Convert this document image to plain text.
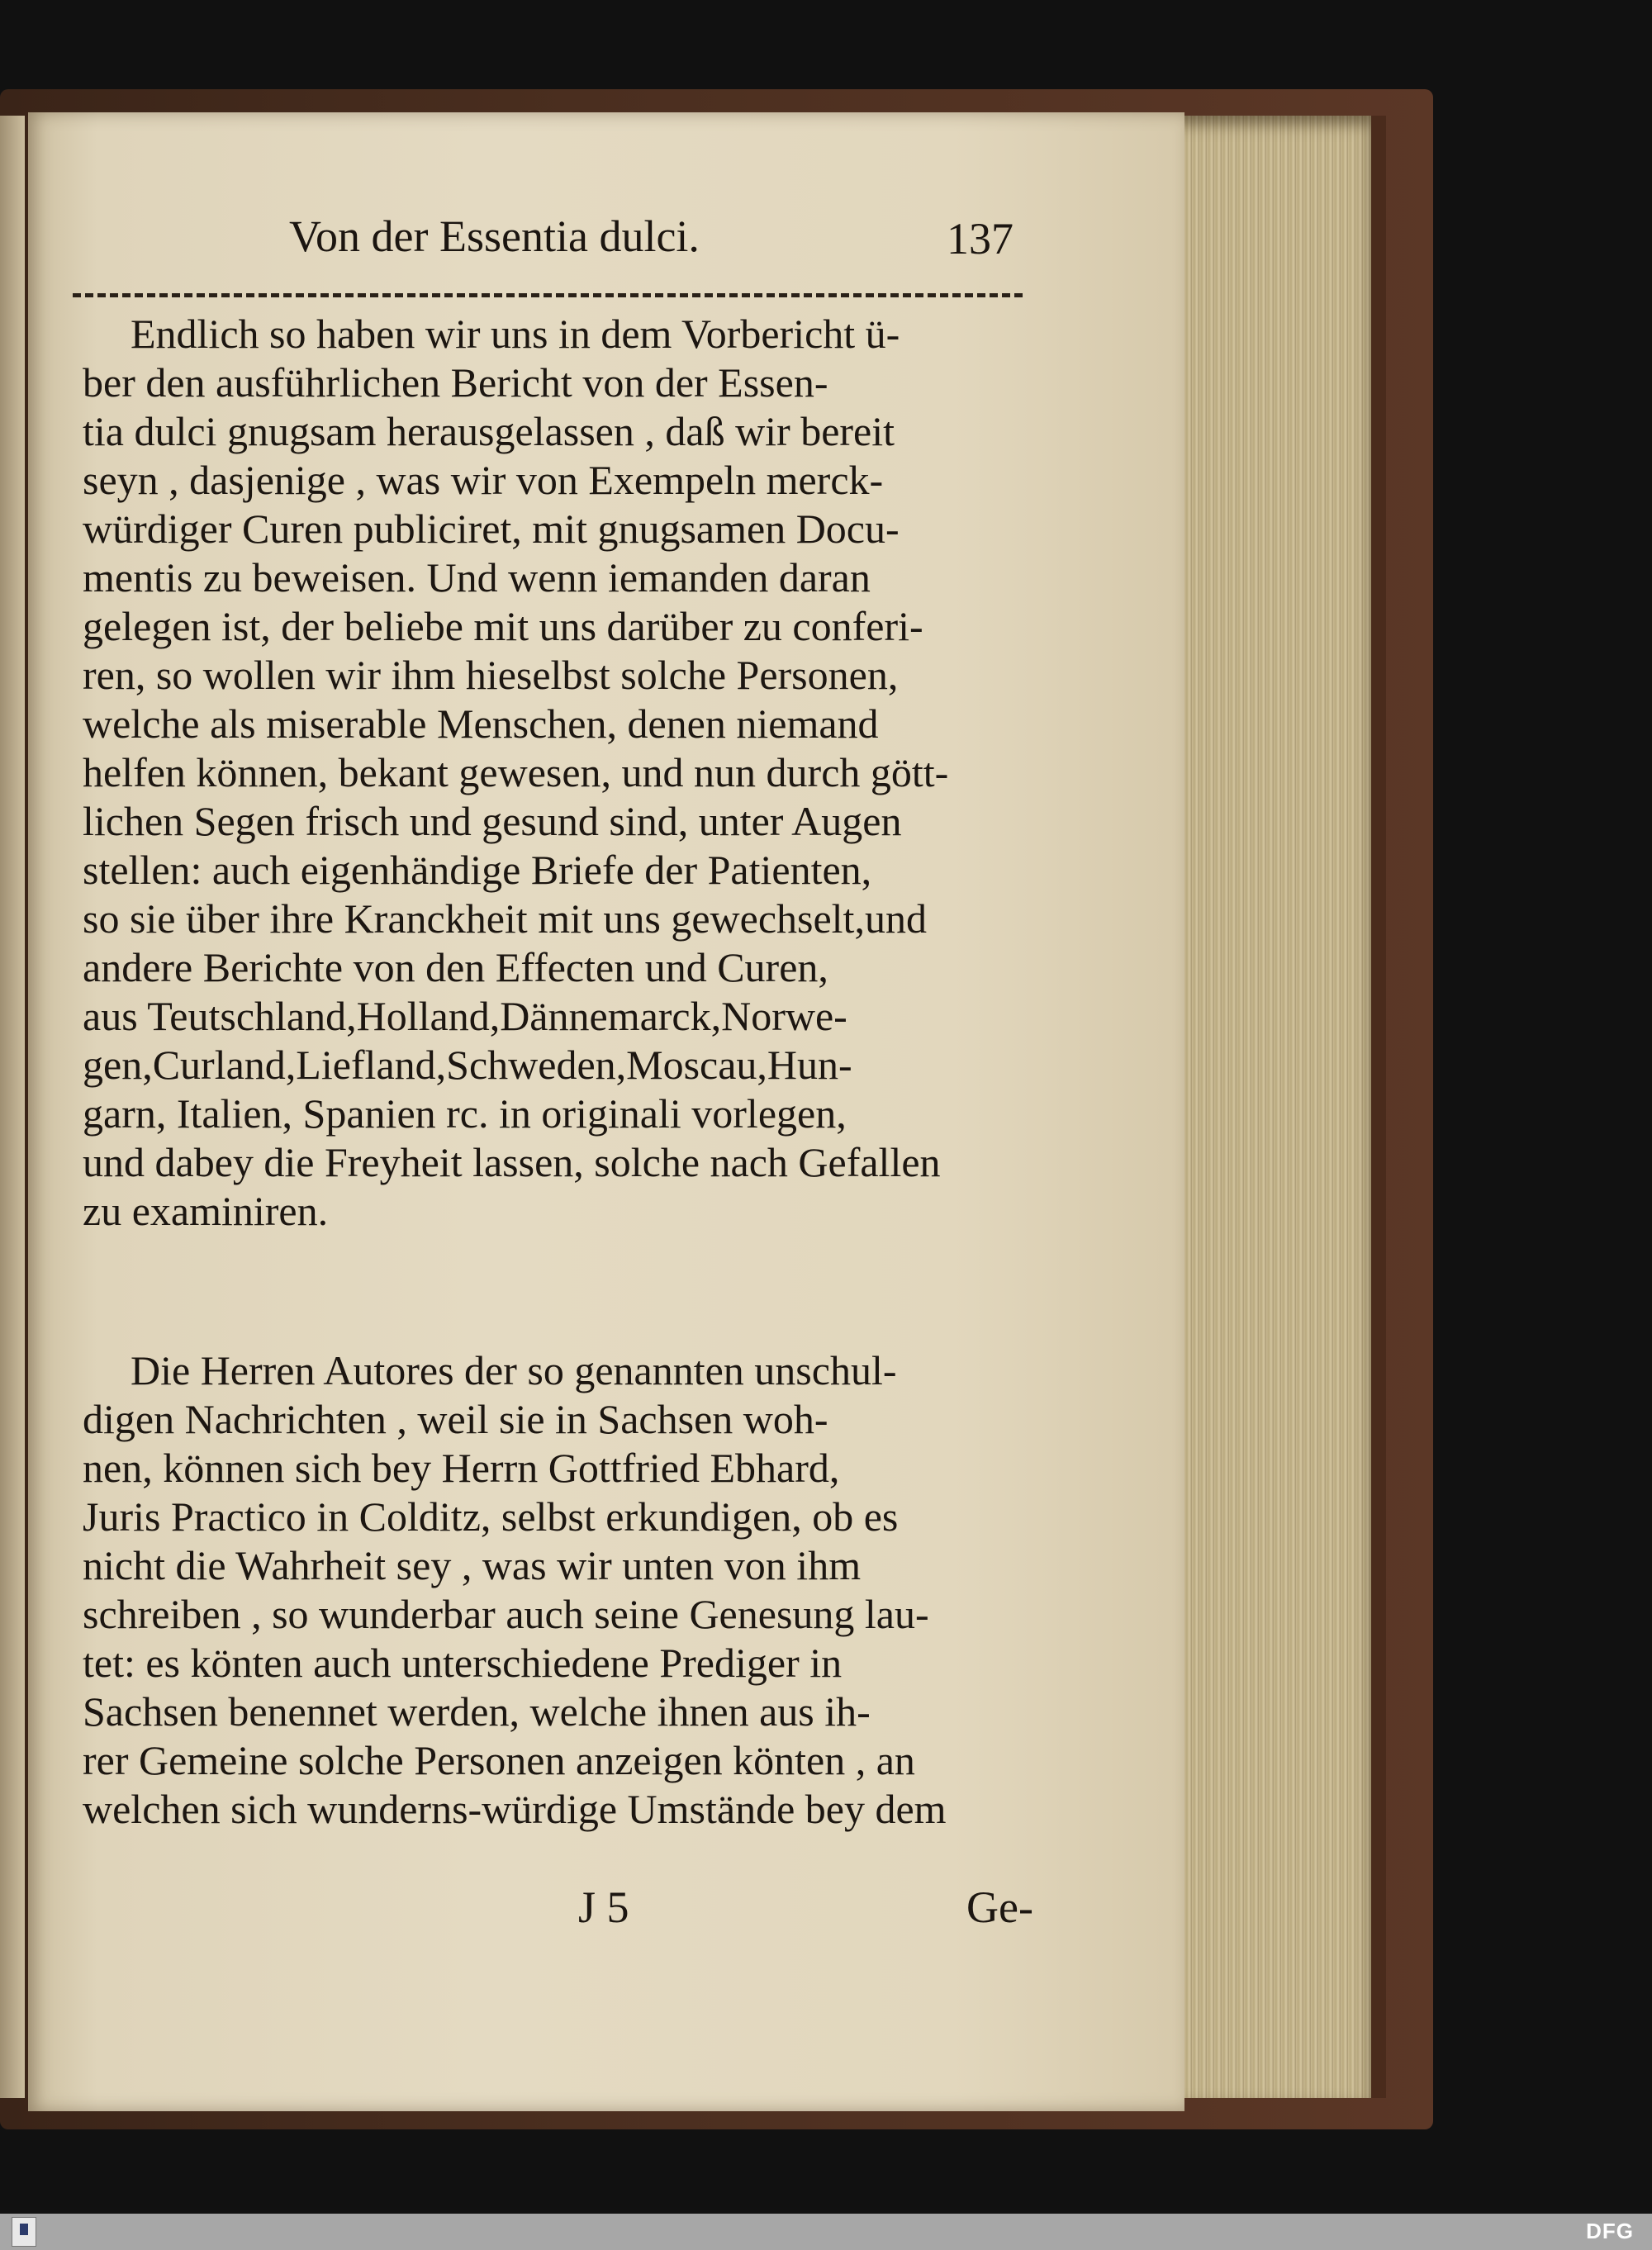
Von der Essentia dulci.	137
Endlich so haben wir uns in dem Vorbericht ü-
ber den ausführlichen Bericht von der Essen-
tia dulci gnugsam herausgelassen , daß wir bereit
seyn , dasjenige , was wir von Exempeln merck-
würdiger Curen publiciret, mit gnugsamen Docu-
mentis zu beweisen. Und wenn iemanden daran
gelegen ist, der beliebe mit uns darüber zu conferi-
ren, so wollen wir ihm hieselbst solche Personen,
welche als miserable Menschen, denen niemand
helfen können, bekant gewesen, und nun durch gött-
lichen Segen frisch und gesund sind, unter Augen
stellen: auch eigenhändige Briefe der Patienten,
so sie über ihre Kranckheit mit uns gewechselt,und
andere Berichte von den Effecten und Curen,
aus Teutschland,Holland,Dännemarck,Norwe-
gen,Curland,Liefland,Schweden,Moscau,Hun-
garn, Italien, Spanien rc. in originali vorlegen,
und dabey die Freyheit lassen, solche nach Gefallen
zu examiniren.
Die Herren Autores der so genannten unschul-
digen Nachrichten , weil sie in Sachsen woh-
nen, können sich bey Herrn Gottfried Ebhard,
Juris Practico in Colditz, selbst erkundigen, ob es
nicht die Wahrheit sey , was wir unten von ihm
schreiben , so wunderbar auch seine Genesung lau-
tet: es könten auch unterschiedene Prediger in
Sachsen benennet werden, welche ihnen aus ih-
rer Gemeine solche Personen anzeigen könten , an
welchen sich wunderns-würdige Umstände bey dem
J 5	Ge-
DFG
